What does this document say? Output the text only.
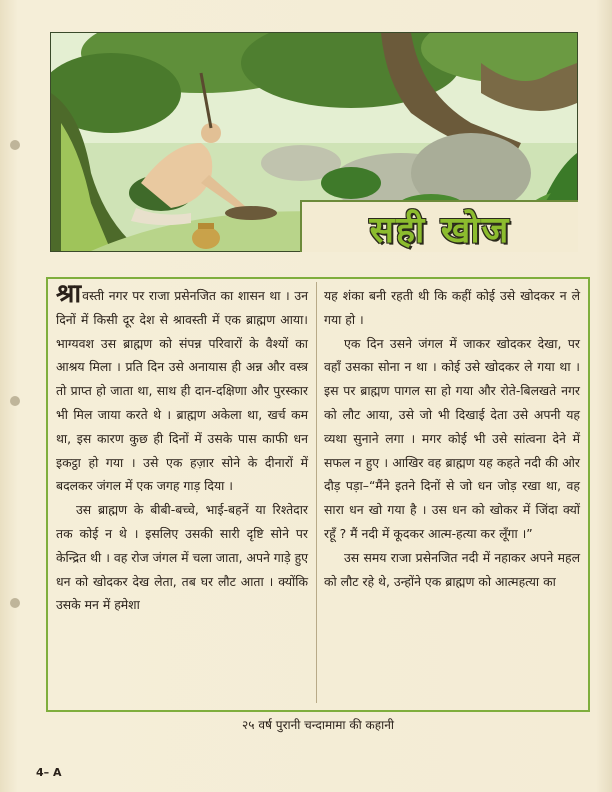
सही खोज

श्रा वस्ती नगर पर राजा प्रसेनजित का शासन था । उन दिनों में किसी दूर देश से श्रावस्ती में एक ब्राह्मण आया। भाग्यवश उस ब्राह्मण को संपन्न परिवारों के वैश्यों का आश्रय मिला । प्रति दिन उसे अनायास ही अन्न और वस्त्र तो प्राप्त हो जाता था, साथ ही दान-दक्षिणा और पुरस्कार भी मिल जाया करते थे । ब्राह्मण अकेला था, खर्च कम था, इस कारण कुछ ही दिनों में उसके पास काफी धन इकट्ठा हो गया । उसे एक हज़ार सोने के दीनारों में बदलकर जंगल में एक जगह गाड़ दिया ।

उस ब्राह्मण के बीबी-बच्चे, भाई-बहनें या रिश्तेदार तक कोई न थे । इसलिए उसकी सारी दृष्टि सोने पर केन्द्रित थी । वह रोज जंगल में चला जाता, अपने गाड़े हुए धन को खोदकर देख लेता, तब घर लौट आता । क्योंकि उसके मन में हमेशा

यह शंका बनी रहती थी कि कहीं कोई उसे खोदकर न ले गया हो ।

एक दिन उसने जंगल में जाकर खोदकर देखा, पर वहाँ उसका सोना न था । कोई उसे खोदकर ले गया था । इस पर ब्राह्मण पागल सा हो गया और रोते-बिलखते नगर को लौट आया, उसे जो भी दिखाई देता उसे अपनी यह व्यथा सुनाने लगा । मगर कोई भी उसे सांत्वना देने में सफल न हुए । आखिर वह ब्राह्मण यह कहते नदी की ओर दौड़ पड़ा–“मैंने इतने दिनों से जो धन जोड़ रखा था, वह सारा धन खो गया है । उस धन को खोकर में जिंदा क्यों रहूँ ? मैं नदी में कूदकर आत्म-हत्या कर लूँगा ।”

उस समय राजा प्रसेनजित नदी में नहाकर अपने महल को लौट रहे थे, उन्होंने एक ब्राह्मण को आत्महत्या का

२५ वर्ष पुरानी चन्दामामा की कहानी
4– A
